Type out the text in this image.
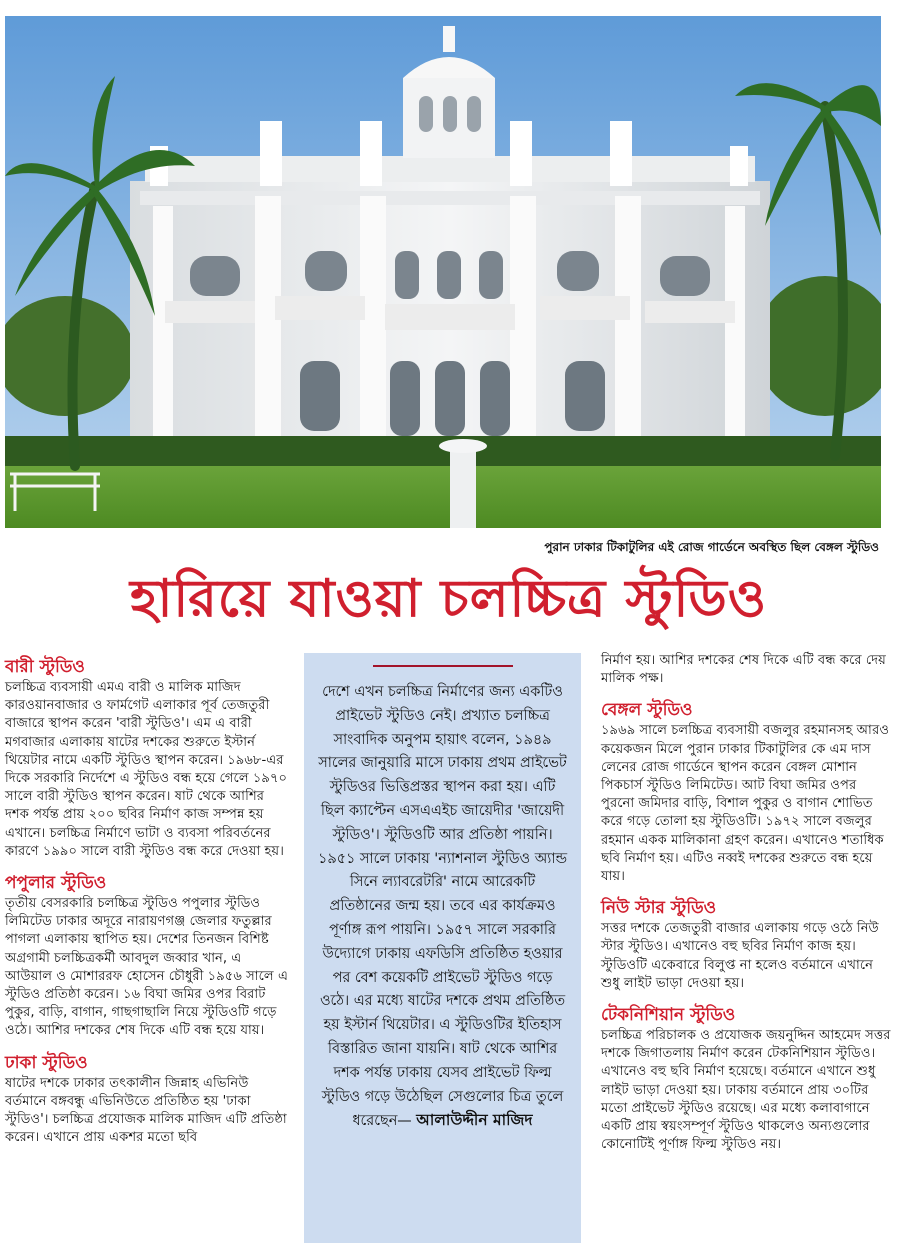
পুরান ঢাকার টিকাটুলির এই রোজ গার্ডেনে অবস্থিত ছিল বেঙ্গল স্টুডিও
হারিয়ে যাওয়া চলচ্চিত্র স্টুডিও
বারী স্টুডিও
চলচ্চিত্র ব্যবসায়ী এমএ বারী ও মালিক মাজিদ কারওয়ানবাজার ও ফার্মগেট এলাকার পূর্ব তেজতুরী বাজারে স্থাপন করেন 'বারী স্টুডিও'। এম এ বারী মগবাজার এলাকায় ষাটের দশকের শুরুতে ইস্টার্ন থিয়েটার নামে একটি স্টুডিও স্থাপন করেন। ১৯৬৮-এর দিকে সরকারি নির্দেশে এ স্টুডিও বন্ধ হয়ে গেলে ১৯৭০ সালে বারী স্টুডিও স্থাপন করেন। ষাট থেকে আশির দশক পর্যন্ত প্রায় ২০০ ছবির নির্মাণ কাজ সম্পন্ন হয় এখানে। চলচ্চিত্র নির্মাণে ভাটা ও ব্যবসা পরিবর্তনের কারণে ১৯৯০ সালে বারী স্টুডিও বন্ধ করে দেওয়া হয়।
পপুলার স্টুডিও
তৃতীয় বেসরকারি চলচ্চিত্র স্টুডিও পপুলার স্টুডিও লিমিটেড ঢাকার অদূরে নারায়ণগঞ্জ জেলার ফতুল্লার পাগলা এলাকায় স্থাপিত হয়। দেশের তিনজন বিশিষ্ট অগ্রগামী চলচ্চিত্রকর্মী আবদুল জব্বার খান, এ আউয়াল ও মোশাররফ হোসেন চৌধুরী ১৯৫৬ সালে এ স্টুডিও প্রতিষ্ঠা করেন। ১৬ বিঘা জমির ওপর বিরাট পুকুর, বাড়ি, বাগান, গাছগাছালি নিয়ে স্টুডিওটি গড়ে ওঠে। আশির দশকের শেষ দিকে এটি বন্ধ হয়ে যায়।
ঢাকা স্টুডিও
ষাটের দশকে ঢাকার তৎকালীন জিন্নাহ এভিনিউ বর্তমানে বঙ্গবন্ধু এভিনিউতে প্রতিষ্ঠিত হয় 'ঢাকা স্টুডিও'। চলচ্চিত্র প্রযোজক মালিক মাজিদ এটি প্রতিষ্ঠা করেন। এখানে প্রায় একশর মতো ছবি
দেশে এখন চলচ্চিত্র নির্মাণের জন্য একটিও প্রাইভেট স্টুডিও নেই। প্রখ্যাত চলচ্চিত্র সাংবাদিক অনুপম হায়াৎ বলেন, ১৯৪৯ সালের জানুয়ারি মাসে ঢাকায় প্রথম প্রাইভেট স্টুডিওর ভিত্তিপ্রস্তর স্থাপন করা হয়। এটি ছিল ক্যাপ্টেন এসএএইচ জায়েদীর 'জায়েদী স্টুডিও'। স্টুডিওটি আর প্রতিষ্ঠা পায়নি। ১৯৫১ সালে ঢাকায় 'ন্যাশনাল স্টুডিও অ্যান্ড সিনে ল্যাবরেটরি' নামে আরেকটি প্রতিষ্ঠানের জন্ম হয়। তবে এর কার্যক্রমও পূর্ণাঙ্গ রূপ পায়নি। ১৯৫৭ সালে সরকারি উদ্যোগে ঢাকায় এফডিসি প্রতিষ্ঠিত হওয়ার পর বেশ কয়েকটি প্রাইভেট স্টুডিও গড়ে ওঠে। এর মধ্যে ষাটের দশকে প্রথম প্রতিষ্ঠিত হয় ইস্টার্ন থিয়েটার। এ স্টুডিওটির ইতিহাস বিস্তারিত জানা যায়নি। ষাট থেকে আশির দশক পর্যন্ত ঢাকায় যেসব প্রাইভেট ফিল্ম স্টুডিও গড়ে উঠেছিল সেগুলোর চিত্র তুলে ধরেছেন— আলাউদ্দীন মাজিদ
নির্মাণ হয়। আশির দশকের শেষ দিকে এটি বন্ধ করে দেয় মালিক পক্ষ।
বেঙ্গল স্টুডিও
১৯৬৯ সালে চলচ্চিত্র ব্যবসায়ী বজলুর রহমানসহ আরও কয়েকজন মিলে পুরান ঢাকার টিকাটুলির কে এম দাস লেনের রোজ গার্ডেনে স্থাপন করেন বেঙ্গল মোশান পিকচার্স স্টুডিও লিমিটেড। আট বিঘা জমির ওপর পুরনো জমিদার বাড়ি, বিশাল পুকুর ও বাগান শোভিত করে গড়ে তোলা হয় স্টুডিওটি। ১৯৭২ সালে বজলুর রহমান একক মালিকানা গ্রহণ করেন। এখানেও শতাধিক ছবি নির্মাণ হয়। এটিও নব্বই দশকের শুরুতে বন্ধ হয়ে যায়।
নিউ স্টার স্টুডিও
সত্তর দশকে তেজতুরী বাজার এলাকায় গড়ে ওঠে নিউ স্টার স্টুডিও। এখানেও বহু ছবির নির্মাণ কাজ হয়। স্টুডিওটি একেবারে বিলুপ্ত না হলেও বর্তমানে এখানে শুধু লাইট ভাড়া দেওয়া হয়।
টেকনিশিয়ান স্টুডিও
চলচ্চিত্র পরিচালক ও প্রযোজক জয়নুদ্দিন আহমেদ সত্তর দশকে জিগাতলায় নির্মাণ করেন টেকনিশিয়ান স্টুডিও। এখানেও বহু ছবি নির্মাণ হয়েছে। বর্তমানে এখানে শুধু লাইট ভাড়া দেওয়া হয়। ঢাকায় বর্তমানে প্রায় ৩০টির মতো প্রাইভেট স্টুডিও রয়েছে। এর মধ্যে কলাবাগানে একটি প্রায় স্বয়ংসম্পূর্ণ স্টুডিও থাকলেও অন্যগুলোর কোনোটিই পূর্ণাঙ্গ ফিল্ম স্টুডিও নয়।
